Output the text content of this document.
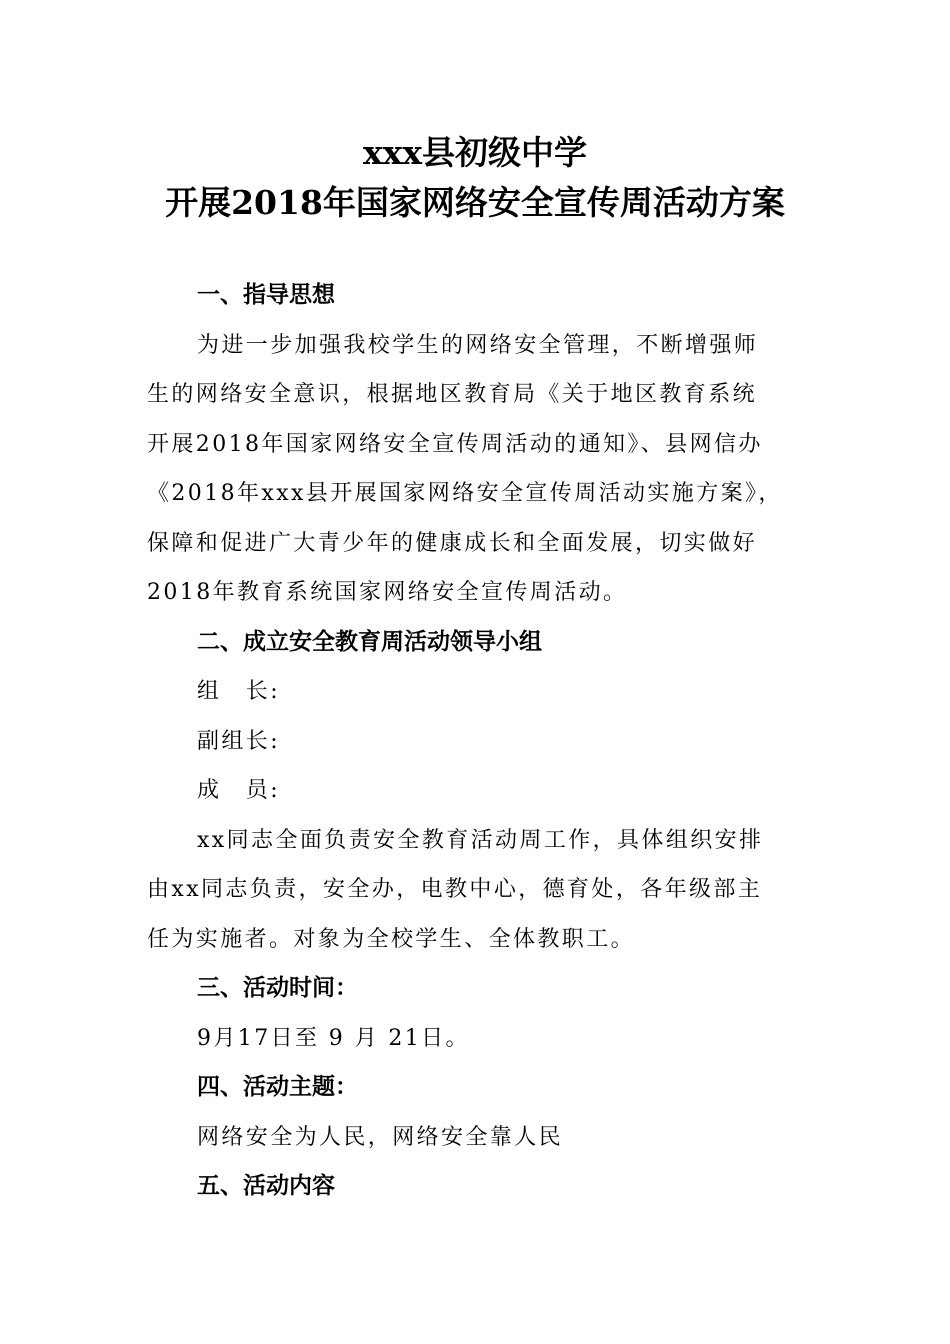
xxx县初级中学
开展2018年国家网络安全宣传周活动方案
一、指导思想
为进一步加强我校学生的网络安全管理，不断增强师
生的网络安全意识，根据地区教育局《关于地区教育系统
开展2018年国家网络安全宣传周活动的通知》、县网信办
《2018年xxx县开展国家网络安全宣传周活动实施方案》，
保障和促进广大青少年的健康成长和全面发展，切实做好
2018年教育系统国家网络安全宣传周活动。
二、成立安全教育周活动领导小组
组　长:
副组长:
成　员:
xx同志全面负责安全教育活动周工作，具体组织安排
由xx同志负责，安全办，电教中心，德育处，各年级部主
任为实施者。对象为全校学生、全体教职工。
三、活动时间：
9月17日至 9 月 21日。
四、活动主题：
网络安全为人民，网络安全靠人民
五、活动内容
